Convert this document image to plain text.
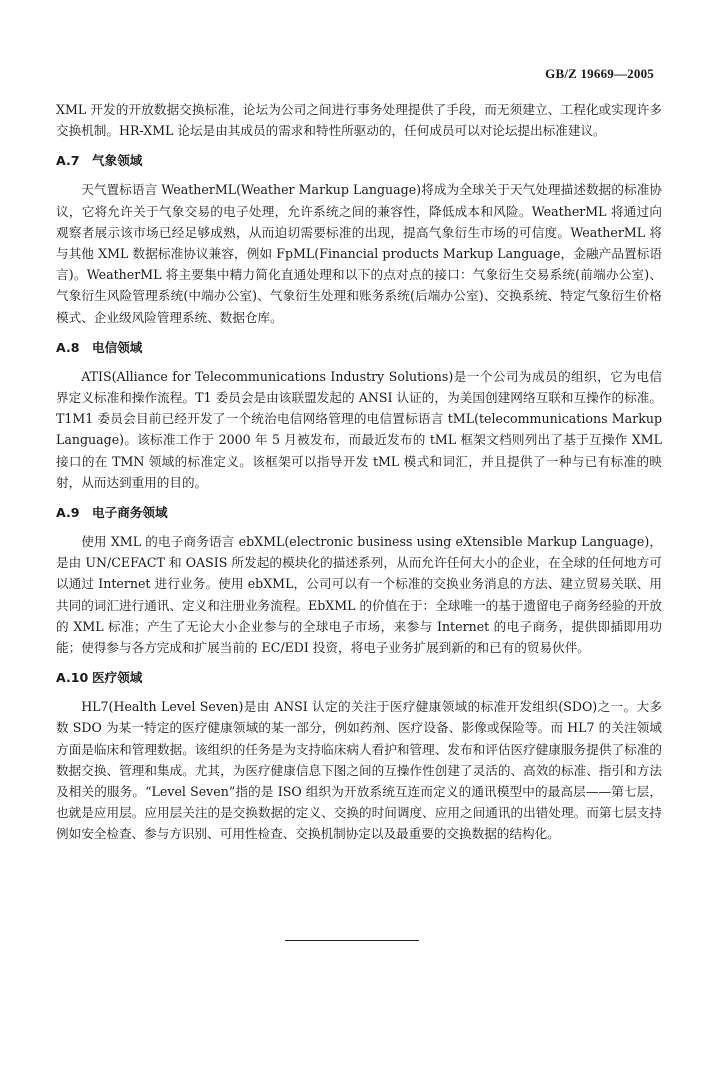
GB/Z 19669—2005

XML 开发的开放数据交换标准，论坛为公司之间进行事务处理提供了手段，而无须建立、工程化或实现许多交换机制。HR-XML 论坛是由其成员的需求和特性所驱动的，任何成员可以对论坛提出标准建议。

A.7 气象领域

天气置标语言 WeatherML(Weather Markup Language)将成为全球关于天气处理描述数据的标准协议，它将允许关于气象交易的电子处理，允许系统之间的兼容性，降低成本和风险。WeatherML 将通过向观察者展示该市场已经足够成熟，从而迫切需要标准的出现，提高气象衍生市场的可信度。WeatherML 将与其他 XML 数据标准协议兼容，例如 FpML(Financial products Markup Language，金融产品置标语言)。WeatherML 将主要集中精力简化直通处理和以下的点对点的接口：气象衍生交易系统(前端办公室)、气象衍生风险管理系统(中端办公室)、气象衍生处理和账务系统(后端办公室)、交换系统、特定气象衍生价格模式、企业级风险管理系统、数据仓库。

A.8 电信领域

ATIS(Alliance for Telecommunications Industry Solutions)是一个公司为成员的组织，它为电信界定义标准和操作流程。T1 委员会是由该联盟发起的 ANSI 认证的，为美国创建网络互联和互操作的标准。T1M1 委员会目前已经开发了一个统治电信网络管理的电信置标语言 tML(telecommunications Markup Language)。该标准工作于 2000 年 5 月被发布，而最近发布的 tML 框架文档则列出了基于互操作 XML 接口的在 TMN 领域的标准定义。该框架可以指导开发 tML 模式和词汇，并且提供了一种与已有标准的映射，从而达到重用的目的。

A.9 电子商务领域

使用 XML 的电子商务语言 ebXML(electronic business using eXtensible Markup Language)，是由 UN/CEFACT 和 OASIS 所发起的模块化的描述系列，从而允许任何大小的企业，在全球的任何地方可以通过 Internet 进行业务。使用 ebXML，公司可以有一个标准的交换业务消息的方法、建立贸易关联、用共同的词汇进行通讯、定义和注册业务流程。EbXML 的价值在于：全球唯一的基于遗留电子商务经验的开放的 XML 标准；产生了无论大小企业参与的全球电子市场，来参与 Internet 的电子商务，提供即插即用功能；使得参与各方完成和扩展当前的 EC/EDI 投资，将电子业务扩展到新的和已有的贸易伙伴。

A.10 医疗领域

HL7(Health Level Seven)是由 ANSI 认定的关注于医疗健康领域的标准开发组织(SDO)之一。大多数 SDO 为某一特定的医疗健康领域的某一部分，例如药剂、医疗设备、影像或保险等。而 HL7 的关注领域方面是临床和管理数据。该组织的任务是为支持临床病人看护和管理、发布和评估医疗健康服务提供了标准的数据交换、管理和集成。尤其，为医疗健康信息下图之间的互操作性创建了灵活的、高效的标准、指引和方法及相关的服务。“Level Seven”指的是 ISO 组织为开放系统互连而定义的通讯模型中的最高层——第七层，也就是应用层。应用层关注的是交换数据的定义、交换的时间调度、应用之间通讯的出错处理。而第七层支持例如安全检查、参与方识别、可用性检查、交换机制协定以及最重要的交换数据的结构化。
